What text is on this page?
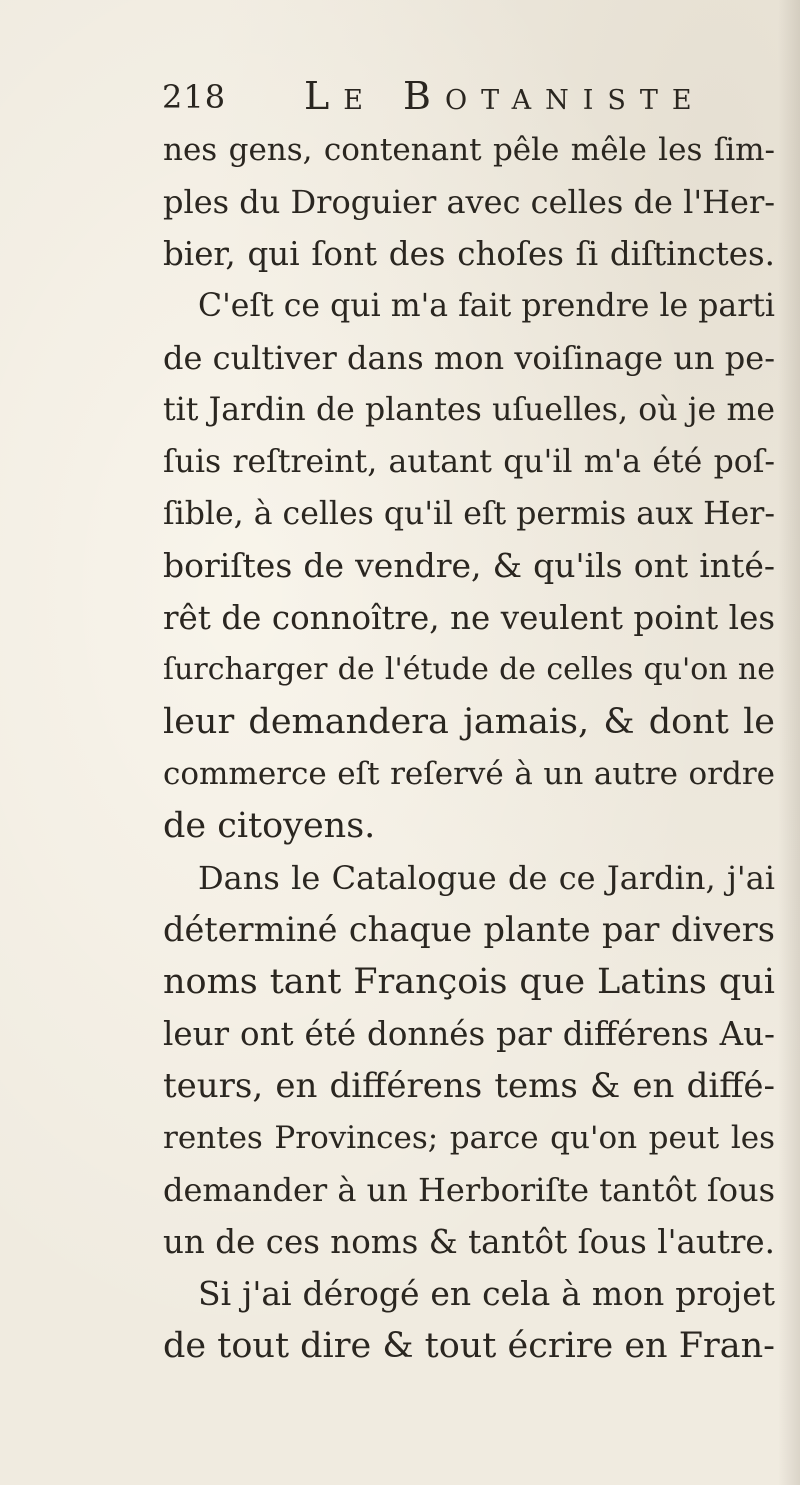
218 Le Botaniste
nes gens, contenant pêle mêle les ſim-
ples du Droguier avec celles de l'Her-
bier, qui ſont des choſes ſi diſtinctes.
C'eſt ce qui m'a fait prendre le parti
de cultiver dans mon voiſinage un pe-
tit Jardin de plantes uſuelles, où je me
ſuis reſtreint, autant qu'il m'a été poſ-
ſible, à celles qu'il eſt permis aux Her-
boriſtes de vendre, & qu'ils ont inté-
rêt de connoître, ne veulent point les
ſurcharger de l'étude de celles qu'on ne
leur demandera jamais, & dont le
commerce eſt reſervé à un autre ordre
de citoyens.
Dans le Catalogue de ce Jardin, j'ai
déterminé chaque plante par divers
noms tant François que Latins qui
leur ont été donnés par différens Au-
teurs, en différens tems & en diffé-
rentes Provinces; parce qu'on peut les
demander à un Herboriſte tantôt ſous
un de ces noms & tantôt ſous l'autre.
Si j'ai dérogé en cela à mon projet
de tout dire & tout écrire en Fran-
